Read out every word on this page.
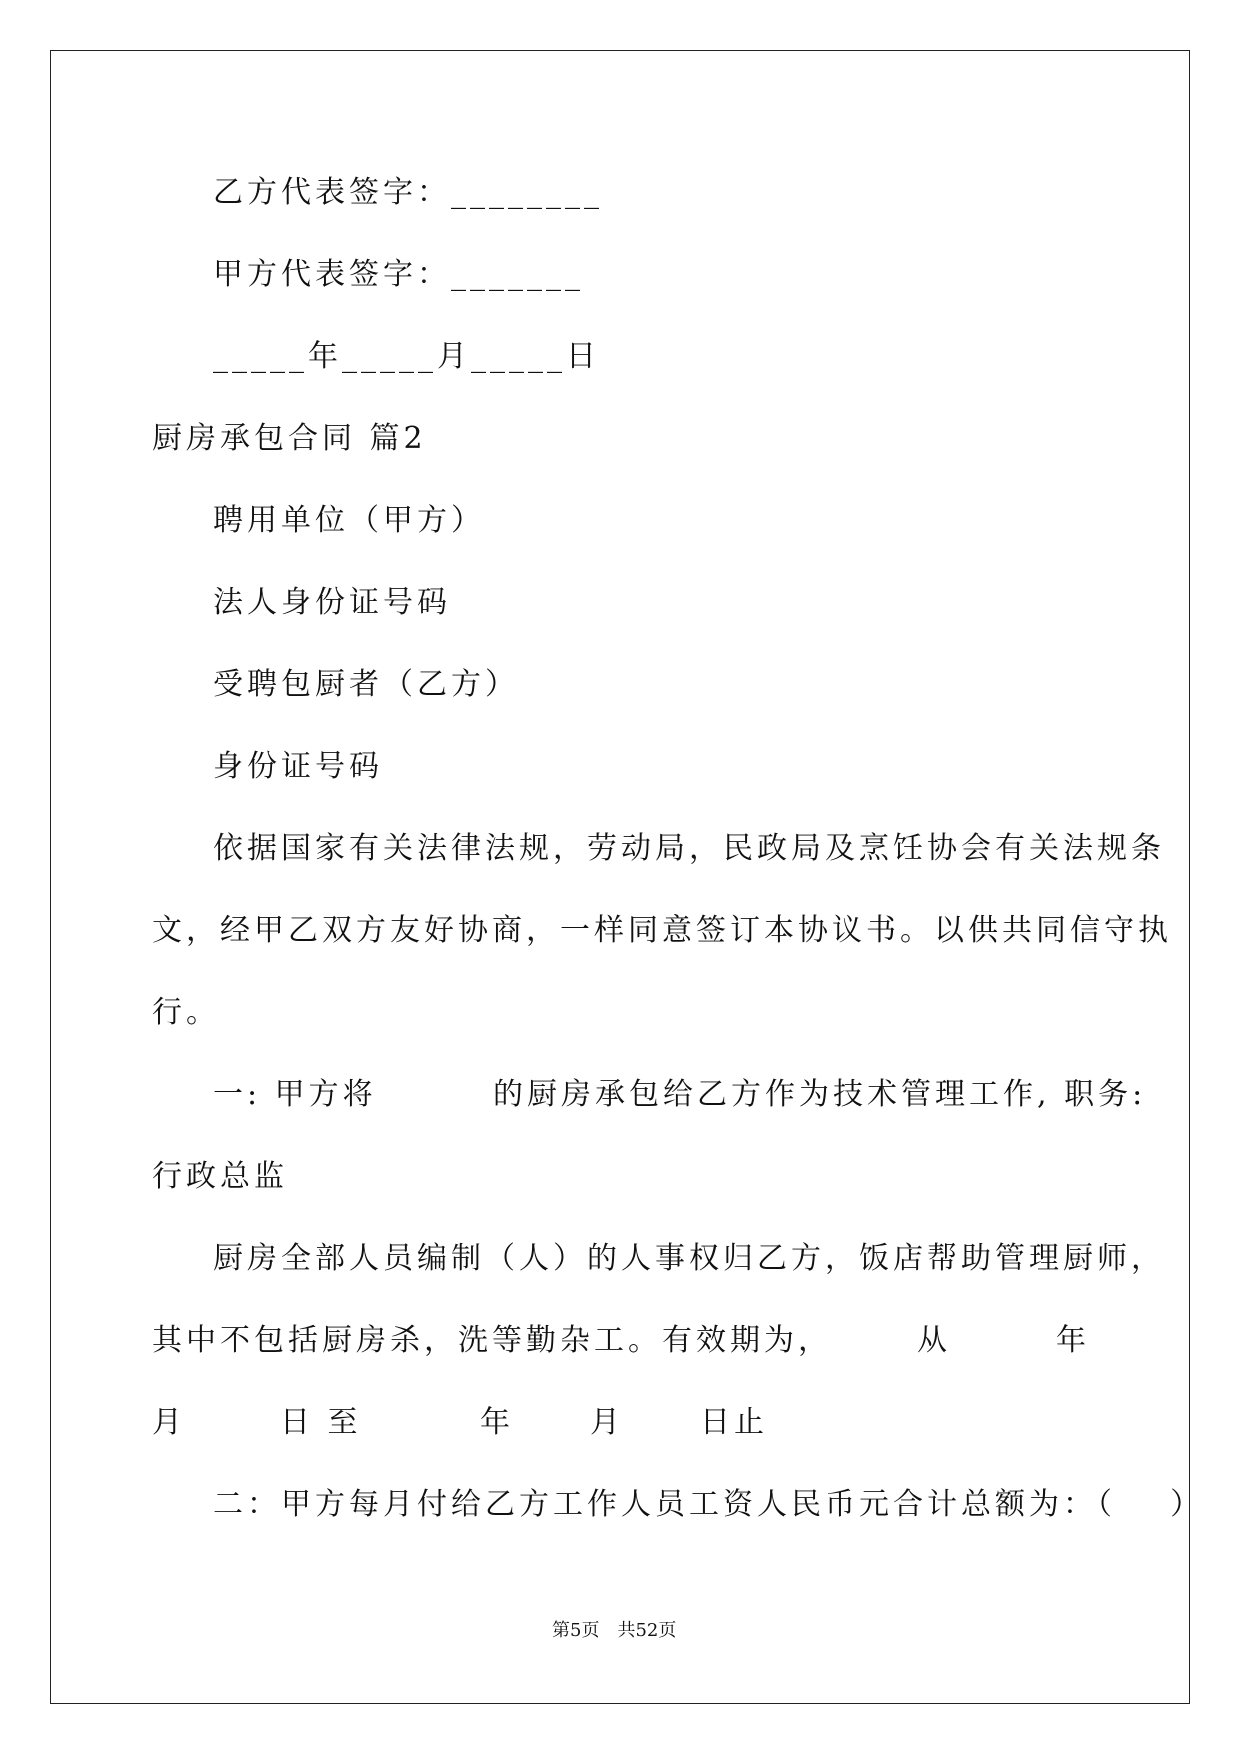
乙方代表签字：________
甲方代表签字：_______
_____年_____月_____日
厨房承包合同 篇2
聘用单位（甲方）
法人身份证号码
受聘包厨者（乙方）
身份证号码
依据国家有关法律法规，劳动局，民政局及烹饪协会有关法规条
文，经甲乙双方友好协商，一样同意签订本协议书。以供共同信守执
行。
一: 甲方将	的厨房承包给乙方作为技术管理工作, 职务:
行政总监
厨房全部人员编制（人）的人事权归乙方，饭店帮助管理厨师，
其中不包括厨房杀，洗等勤杂工。有效期为，	从	年
月	日 至	年	月	日止
二：甲方每月付给乙方工作人员工资人民币元合计总额为：（    ）
第5页　共52页
